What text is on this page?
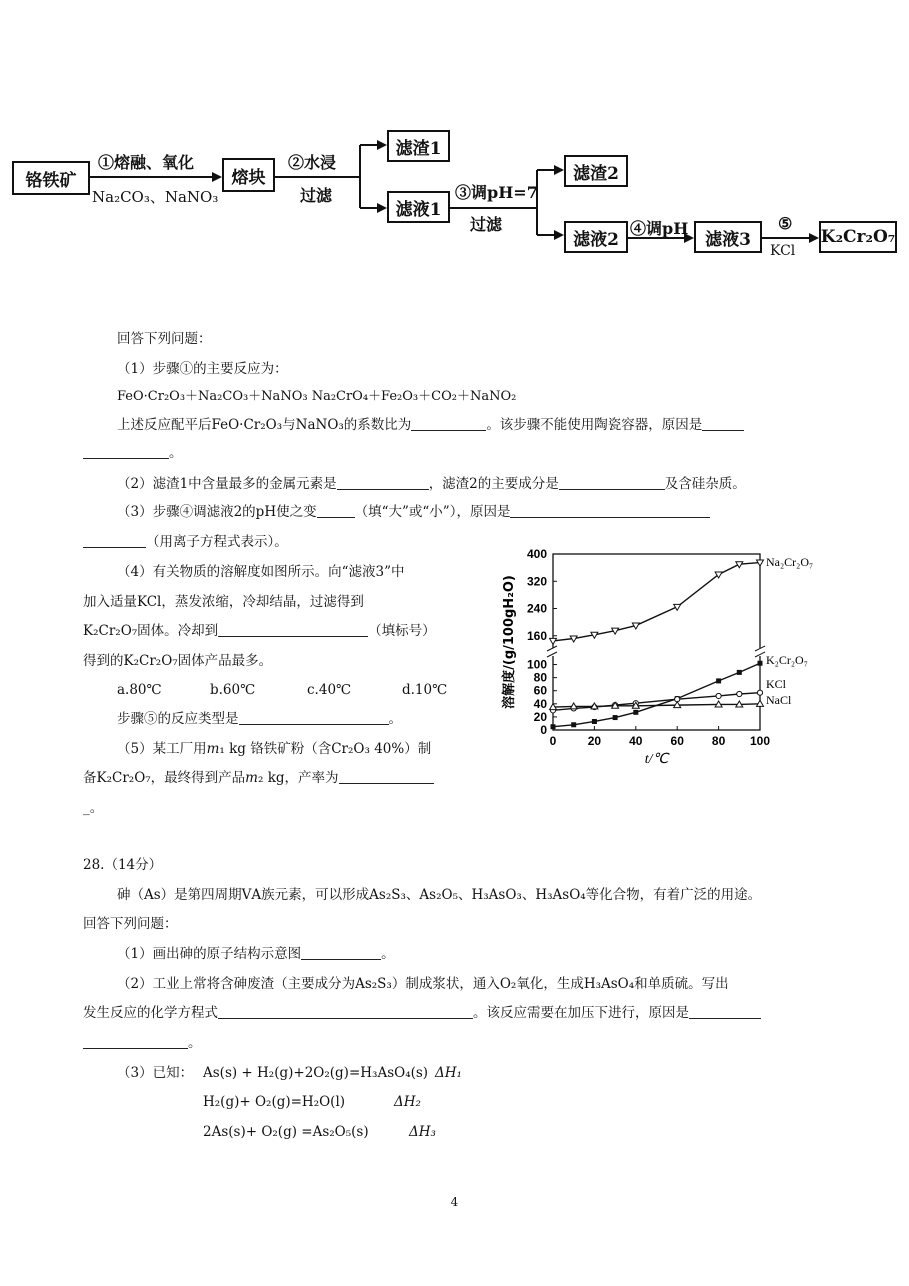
铬铁矿	熔块
滤渣1
滤液1
滤渣2
滤液2	滤液3	K₂Cr₂O₇
①熔融、氧化
Na₂CO₃、NaNO₃
②水浸
过滤	③调pH=7
过滤	④调pH	⑤
KCl
回答下列问题：
（1）步骤①的主要反应为：
FeO·Cr₂O₃＋Na₂CO₃＋NaNO₃ Na₂CrO₄＋Fe₂O₃＋CO₂＋NaNO₂
上述反应配平后FeO·Cr₂O₃与NaNO₃的系数比为	。该步骤不能使用陶瓷容器，原因是
。
（2）滤渣1中含量最多的金属元素是	，滤渣2的主要成分是	及含硅杂质。
（3）步骤④调滤液2的pH使之变	（填“大”或“小”），原因是
（用离子方程式表示）。
（4）有关物质的溶解度如图所示。向“滤液3”中
加入适量KCl，蒸发浓缩，冷却结晶，过滤得到
K₂Cr₂O₇固体。冷却到	（填标号）
得到的K₂Cr₂O₇固体产品最多。
a.80℃	b.60℃	c.40℃	d.10℃
步骤⑤的反应类型是	。
（5）某工厂用m₁ kg 铬铁矿粉（含Cr₂O₃ 40%）制
备K₂Cr₂O₇，最终得到产品m₂ kg，产率为
_。
28.（14分）
砷（As）是第四周期ⅤA族元素，可以形成As₂S₃、As₂O₅、H₃AsO₃、H₃AsO₄等化合物，有着广泛的用途。
回答下列问题：
（1）画出砷的原子结构示意图	。
（2）工业上常将含砷废渣（主要成分为As₂S₃）制成浆状，通入O₂氧化，生成H₃AsO₄和单质硫。写出
发生反应的化学方程式	。该反应需要在加压下进行，原因是
。
（3）已知： As(s) + H₂(g)+2O₂(g)=H₃AsO₄(s) ΔH₁
H₂(g)+ O₂(g)=H₂O(l)	ΔH₂
2As(s)+ O₂(g) =As₂O₅(s)	ΔH₃
4
0	20 40 60 80 100
0
20
40
60
80
100
160
240
320
400
t/℃
溶解度/(g/100gH₂O)
Na₂Cr₂O₇
K₂Cr₂O₇
KCl
NaCl
